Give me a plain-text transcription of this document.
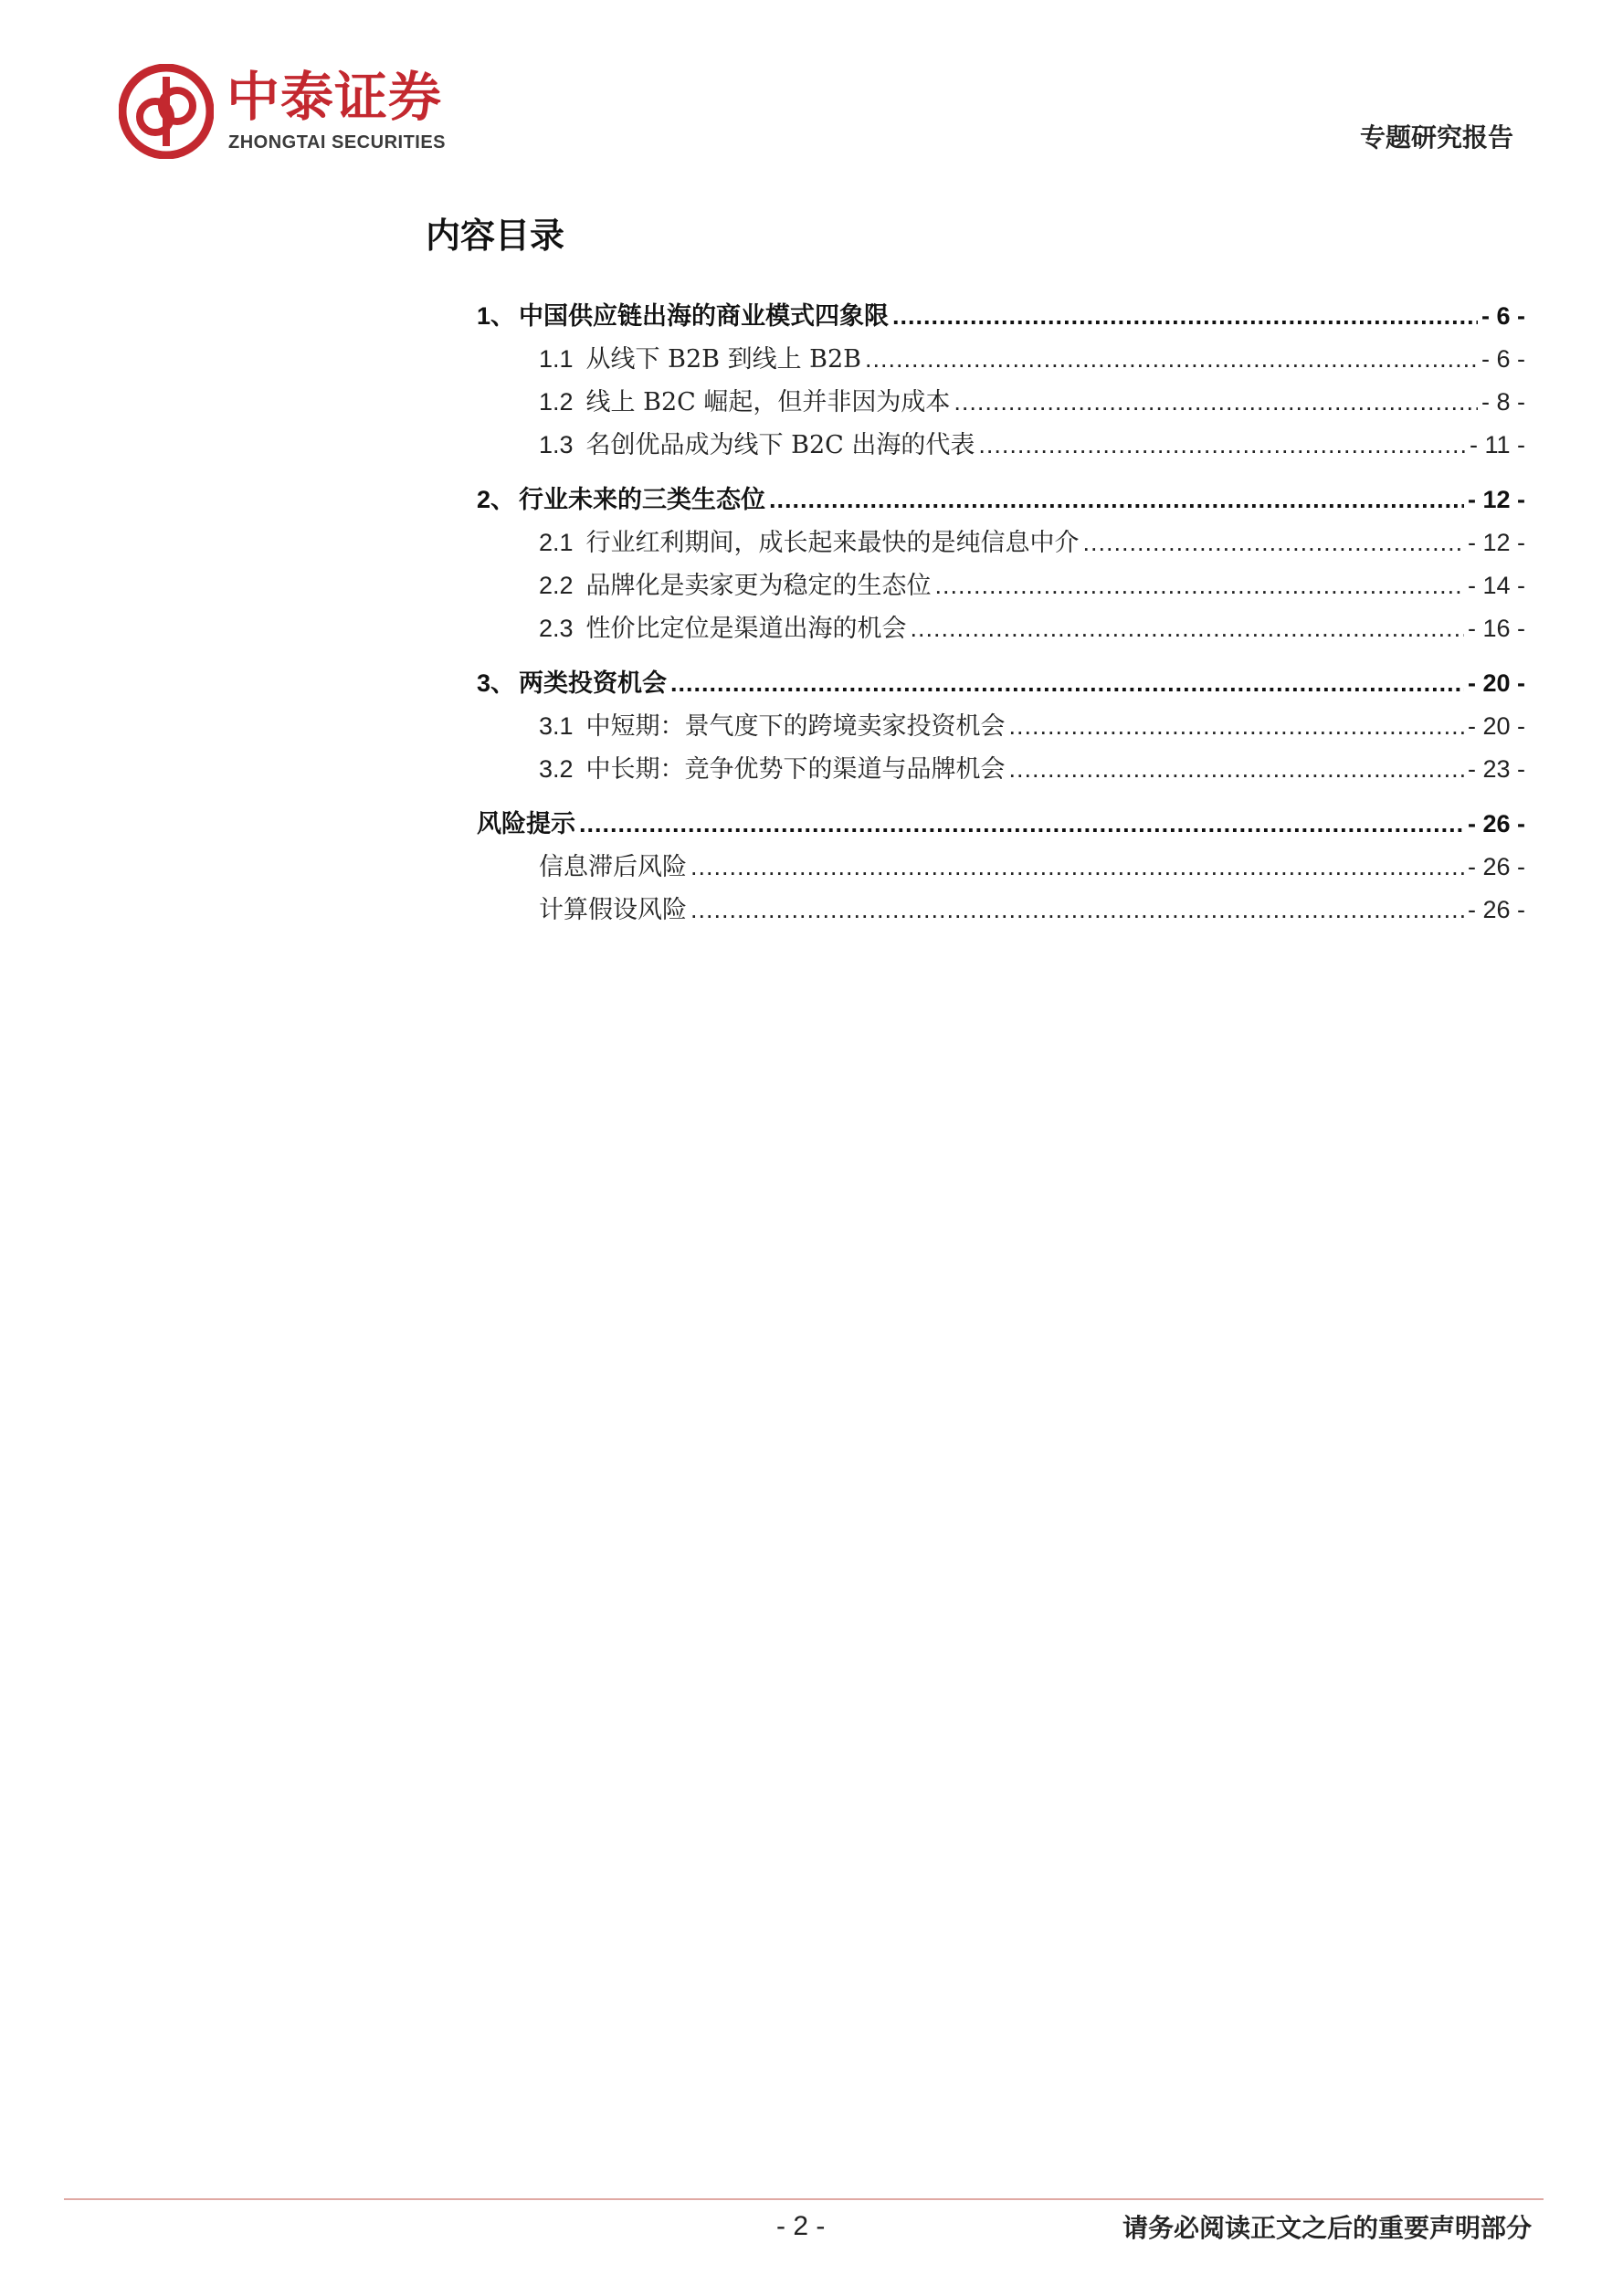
中泰证券
ZHONGTAI SECURITIES	专题研究报告
内容目录
1、 中国供应链出海的商业模式四象限 .....	- 6 -
1.1 从线下 B2B 到线上 B2B .....	- 6 -
1.2 线上 B2C 崛起，但并非因为成本 .....	- 8 -
1.3 名创优品成为线下 B2C 出海的代表 .....	- 11 -
2、 行业未来的三类生态位 .....	- 12 -
2.1 行业红利期间，成长起来最快的是纯信息中介 .....	- 12 -
2.2 品牌化是卖家更为稳定的生态位 .....	- 14 -
2.3 性价比定位是渠道出海的机会 .....	- 16 -
3、 两类投资机会 .....	- 20 -
3.1 中短期：景气度下的跨境卖家投资机会 .....	- 20 -
3.2 中长期：竞争优势下的渠道与品牌机会 .....	- 23 -
风险提示 .....	- 26 -
信息滞后风险 .....	- 26 -
计算假设风险 .....	- 26 -
- 2 -	请务必阅读正文之后的重要声明部分
